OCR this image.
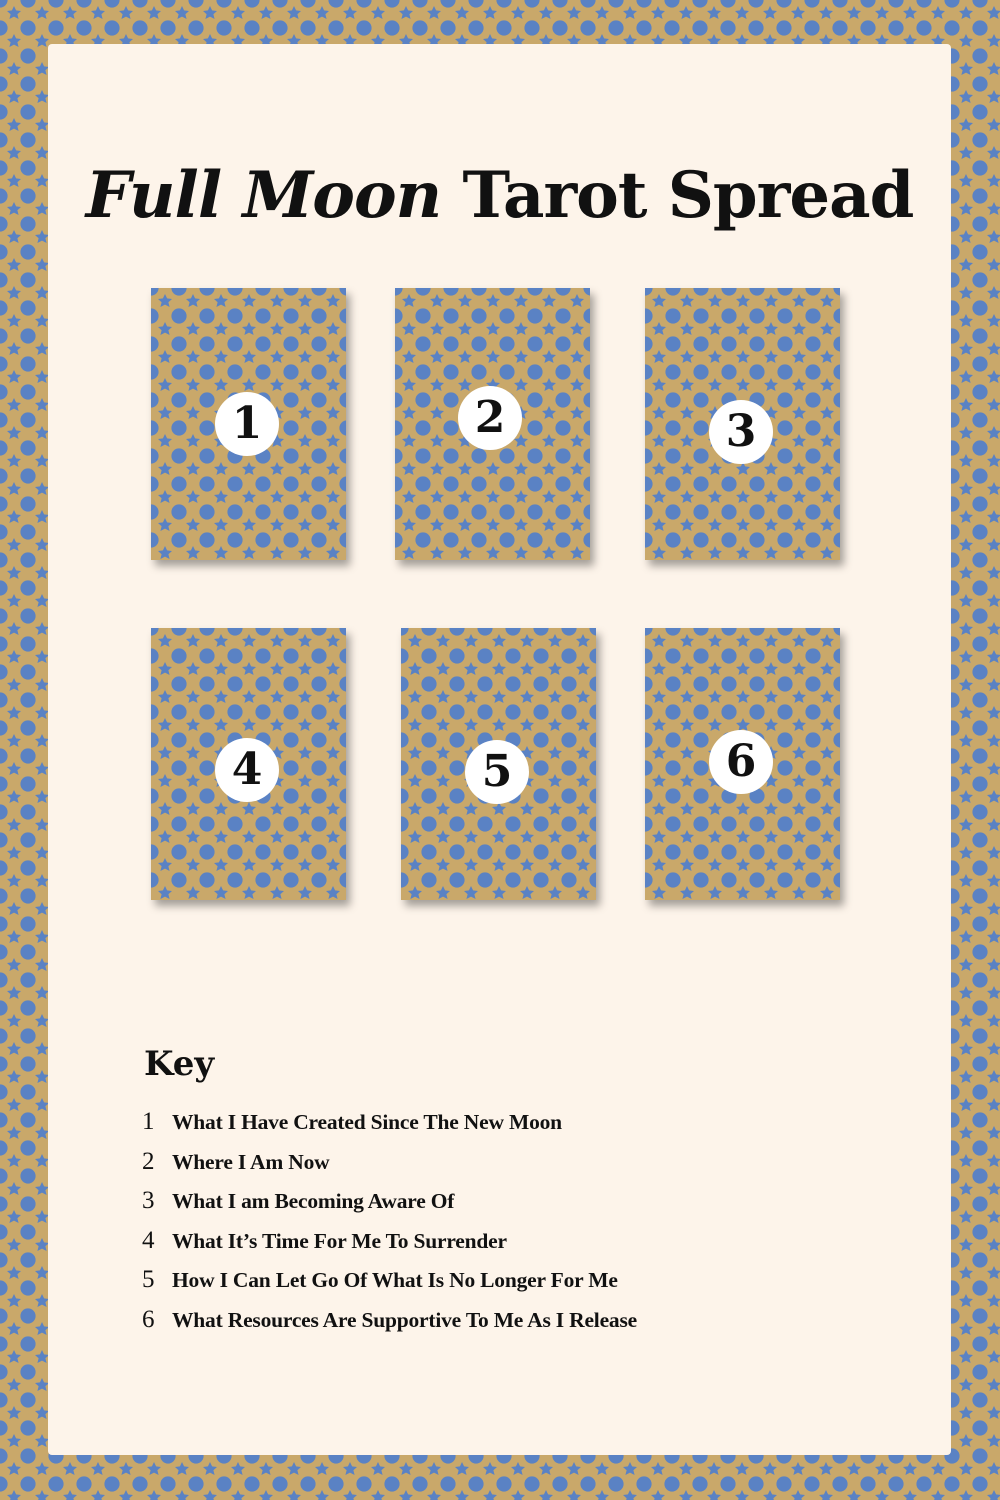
Full Moon Tarot Spread
1	2	3
4	5	6
Key
1 What I Have Created Since The New Moon
2 Where I Am Now
3 What I am Becoming Aware Of
4 What It’s Time For Me To Surrender
5 How I Can Let Go Of What Is No Longer For Me
6 What Resources Are Supportive To Me As I Release
